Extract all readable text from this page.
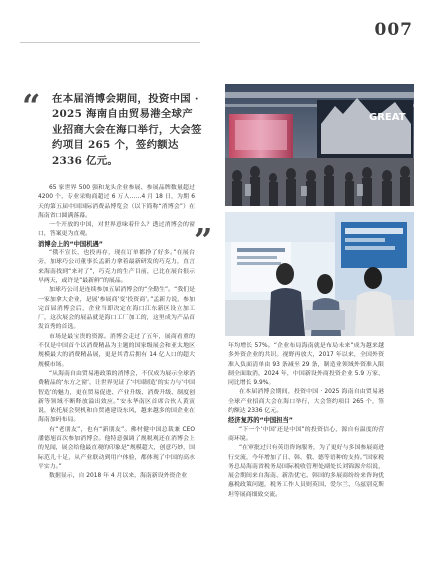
007
“ 在本届消博会期间，投资中国 · 2025 海南自由贸易港全球产业招商大会在海口举行，大会签约项目 265 个，签约额达 2336 亿元。
”
GREAT

65 家世界 500 强和龙头企业参展、参展品牌数量超过 4200 个、专业采购商超过 6 万人……4 月 18 日，为期 6 天的第五届中国国际消费品博览会（以下简称“消博会”）在海南省口圆满落幕。

一个开放的中国，对世界意味着什么？透过消博会的窗口，答案更为直观。

消博会上的“中国机遇”

“俄不宣长，也投再存，现在订单都挣了好多。”在展台旁，加球巧公司董事长孟新力拿着最新研发的巧克力，直言来海南找到“来对了”，巧克力的生产目前，已比在展台很示早两天，或许是“最新鲜”的展品。

加球巧公司是连续参加五届消博会的“全勤生”。“我们是一家加拿大企业，是展‘参展商’变‘投资商’。”孟新力说，参加完首届消博会后，企业当即决定在海口江东新区设立加工厂，这次展会的展品就是海口工厂加工的，这里成为产品首发首秀的首选。

市场是最宝贵的资源。消博会走过了五年，展商看重的不仅是中国首个以消费精品为主题的国家级展会和亚太地区规模最大的消费精品展，更是其背后拥有 14 亿人口的超大规模市场。

“从海南自由贸易港政策的消博会，不仅成为展示全球消费精品的‘东方之窗’，让世界见证了‘中国制造’的实力与‘中国智造’的魅力，更在贸易促进、产业升级、消费升级、制度创新等领域不断释放溢出效应。”安永华南区首席合伙人黄寅说，依托展会契机和自贸港建设东风，越来越多的国企业在海南加码布局。

有“老朋友”，也有“新朋友”。佛村健中国总裁兼 CEO 潘德旭首次参加消博会。他特意强调了规税观还在消博会上的见闻，展会给他最直观的印象是“规模超大，创意巧妙，国际范儿十足，从产业联动到用户体验，都体现了中国的高水平实力。”

数据显示，自 2018 年 4 月以来，海南新设外资企业

年均增长 57%。“企业布局海南就是布局未来”成为越来越多外资企业的共识。视野再放大，2017 年以来，全国外资准入负面清单由 93 条减至 29 条，制造业领域外资准入限制全面取消，2024 年，中国新设外商投资企业 5.9 万家，同比增长 9.9%。

在本届消博会期间，投资中国 · 2025 海南自由贸易港全球产业招商大会在海口举行，大会签约项目 265 个，签约额达 2336 亿元。

经济复苏的“中国担当”

“下一个‘中国’还是中国”的投资信心，源自有温度的营商环境。

“在审批过只有英语咨询服务，为了更好与多国参展商进行交流，今年增加了日、韩、俄、德等语种的支持。”国家税务总局海南省税务局国际税收管理处副处长刘锦源介绍说，展会期间来自海南、新浩优宅、韩国的多展商纷纷来咨询优惠税政策问题，税务工作人员则英国、爱尔兰、乌兹别克斯坦等展商细致交流。
